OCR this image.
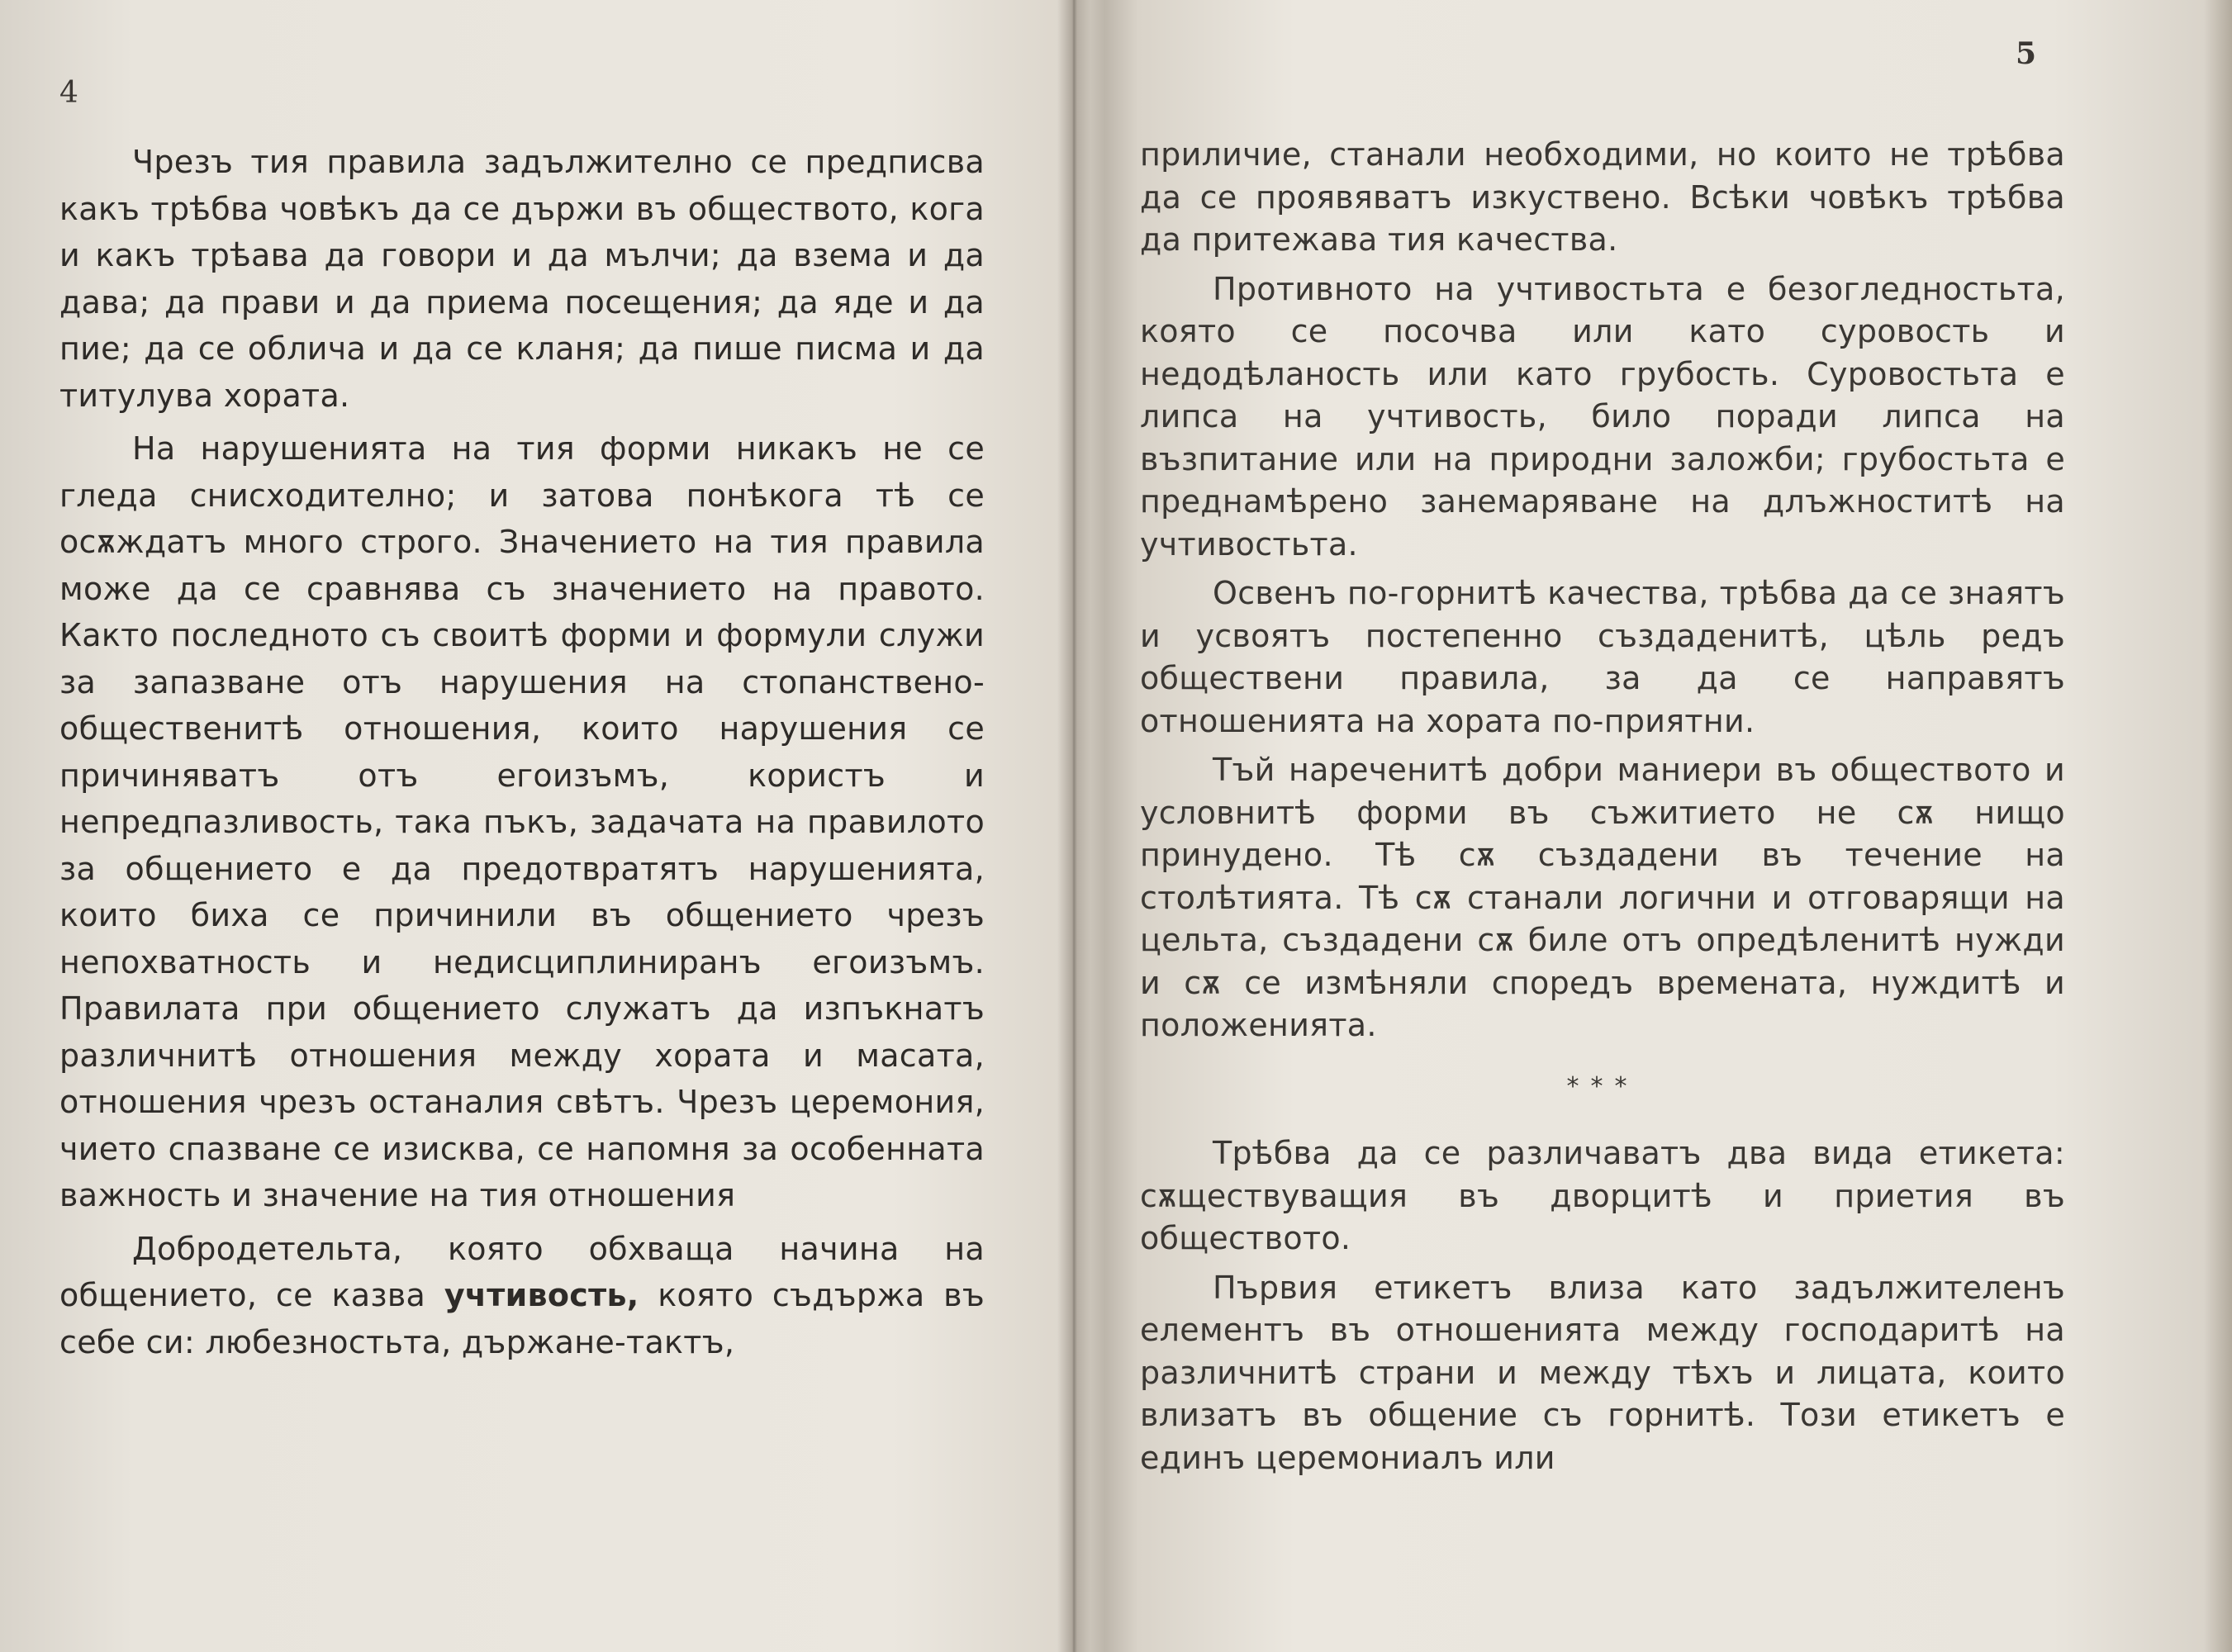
4

Чрезъ тия правила задължително се предписва какъ трѣбва човѣкъ да се държи въ обществото, кога и какъ трѣава да говори и да мълчи; да взема и да дава; да прави и да приема посещения; да яде и да пие; да се облича и да се кланя; да пише писма и да титулува хората.

На нарушенията на тия форми никакъ не се гледа снисходително; и затова понѣкога тѣ се осѫждатъ много строго. Значението на тия правила може да се сравнява съ значението на правото. Както последното съ своитѣ форми и формули служи за запазване отъ нарушения на стопанствено-общественитѣ отношения, които нарушения се причиняватъ отъ егоизъмъ, користъ и непредпазливость, така пъкъ, задачата на правилото за общението е да предотвратятъ нарушенията, които биха се причинили въ общението чрезъ непохватность и недисциплиниранъ егоизъмъ. Правилата при общението служатъ да изпъкнатъ различнитѣ отношения между хората и масата, отношения чрезъ останалия свѣтъ. Чрезъ церемония, чието спазване се изисква, се напомня за особенната важность и значение на тия отношения

Добродетельта, която обхваща начина на общението, се казва учтивость, която съдържа въ себе си: любезностьта, държане-тактъ,

5

приличие, станали необходими, но които не трѣбва да се проявяватъ изкуствено. Всѣки човѣкъ трѣбва да притежава тия качества.

Противното на учтивостьта е безогледностьта, която се посочва или като суровость и недодѣланость или като грубость. Суровостьта е липса на учтивость, било поради липса на възпитание или на природни заложби; грубостьта е преднамѣрено занемаряване на длъжноститѣ на учтивостьта.

Освенъ по-горнитѣ качества, трѣбва да се знаятъ и усвоятъ постепенно създаденитѣ, цѣль редъ обществени правила, за да се направятъ отношенията на хората по-приятни.

Тъй нареченитѣ добри маниери въ обществото и условнитѣ форми въ съжитието не сѫ нищо принудено. Тѣ сѫ създадени въ течение на столѣтията. Тѣ сѫ станали логични и отговарящи на цельта, създадени сѫ биле отъ опредѣленитѣ нужди и сѫ се измѣняли споредъ времената, нуждитѣ и положенията.

***

Трѣбва да се различаватъ два вида етикета: сѫществуващия въ дворцитѣ и приетия въ обществото.

Първия етикетъ влиза като задължителенъ елементъ въ отношенията между господаритѣ на различнитѣ страни и между тѣхъ и лицата, които влизатъ въ общение съ горнитѣ. Този етикетъ е единъ церемониалъ или
